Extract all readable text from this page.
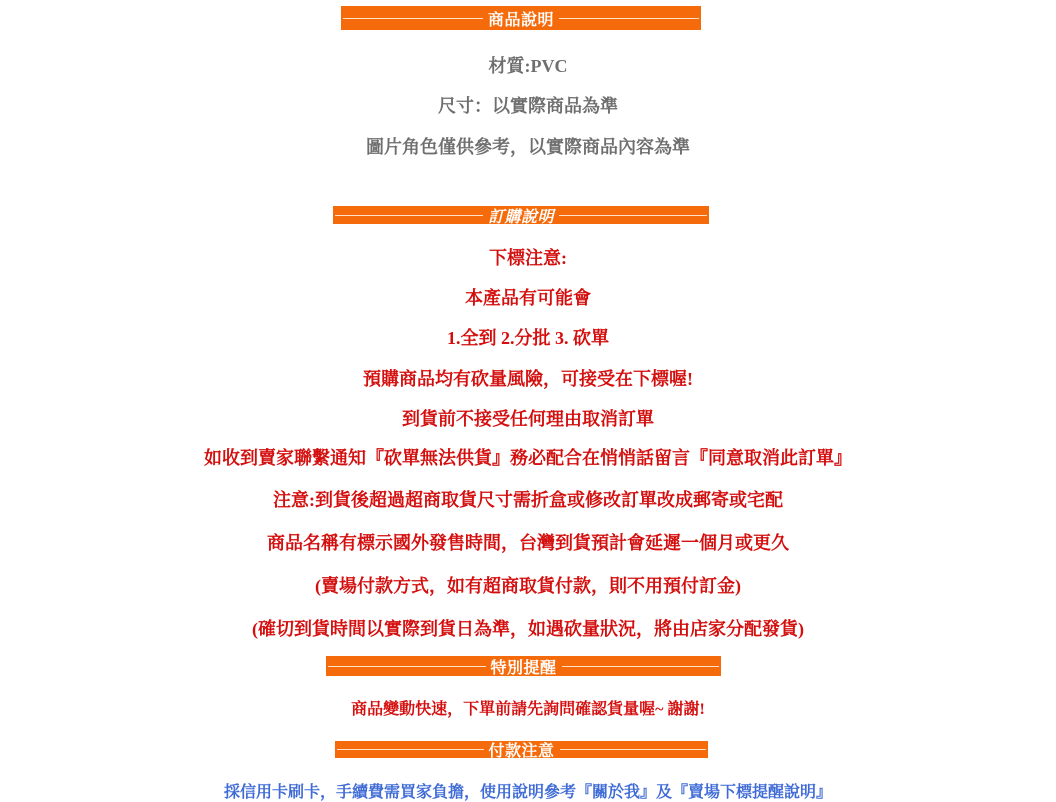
商品說明
材質:PVC
尺寸：以實際商品為準
圖片角色僅供參考，以實際商品內容為準
訂購說明
下標注意:
本產品有可能會
1.全到 2.分批 3. 砍單
預購商品均有砍量風險，可接受在下標喔!
到貨前不接受任何理由取消訂單
如收到賣家聯繫通知『砍單無法供貨』務必配合在悄悄話留言『同意取消此訂單』
注意:到貨後超過超商取貨尺寸需折盒或修改訂單改成郵寄或宅配
商品名稱有標示國外發售時間，台灣到貨預計會延遲一個月或更久
(賣場付款方式，如有超商取貨付款，則不用預付訂金)
(確切到貨時間以實際到貨日為準，如遇砍量狀況，將由店家分配發貨)
特別提醒
商品變動快速，下單前請先詢問確認貨量喔~ 謝謝!
付款注意
採信用卡刷卡，手續費需買家負擔，使用說明參考『關於我』及『賣場下標提醒說明』
